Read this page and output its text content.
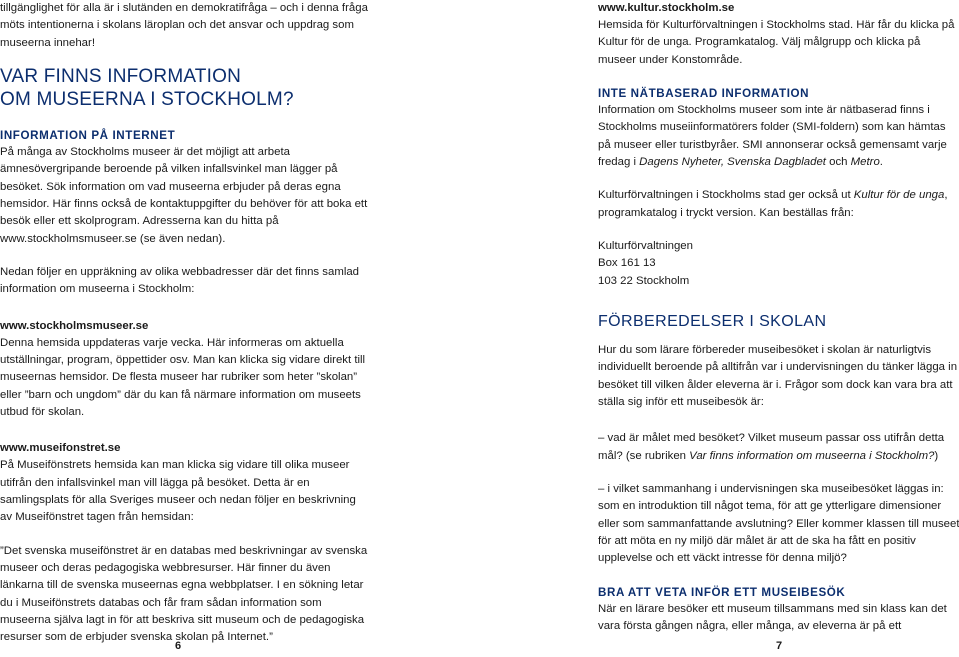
tillgänglighet för alla är i slutänden en demokratifråga – och i denna fråga möts intentionerna i skolans läroplan och det ansvar och uppdrag som museerna innehar!

VAR FINNS INFORMATION
OM MUSEERNA I STOCKHOLM?
INFORMATION PÅ INTERNET

På många av Stockholms museer är det möjligt att arbeta ämnesövergripande beroende på vilken infallsvinkel man lägger på besöket. Sök information om vad museerna erbjuder på deras egna hemsidor. Här finns också de kontaktuppgifter du behöver för att boka ett besök eller ett skolprogram. Adresserna kan du hitta på www.stockholmsmuseer.se (se även nedan).

Nedan följer en uppräkning av olika webbadresser där det finns samlad information om museerna i Stockholm:

www.stockholmsmuseer.se

Denna hemsida uppdateras varje vecka. Här informeras om aktuella utställningar, program, öppettider osv. Man kan klicka sig vidare direkt till museernas hemsidor. De flesta museer har rubriker som heter ”skolan” eller ”barn och ungdom” där du kan få närmare information om museets utbud för skolan.

www.museifonstret.se

På Museifönstrets hemsida kan man klicka sig vidare till olika museer utifrån den infallsvinkel man vill lägga på besöket. Detta är en samlingsplats för alla Sveriges museer och nedan följer en beskrivning av Museifönstret tagen från hemsidan:

”Det svenska museifönstret är en databas med beskrivningar av svenska museer och deras pedagogiska webbresurser. Här finner du även länkarna till de svenska museernas egna webbplatser. I en sökning letar du i Museifönstrets databas och får fram sådan information som museerna själva lagt in för att beskriva sitt museum och de pedagogiska resurser som de erbjuder svenska skolan på Internet.”

www.kultur.stockholm.se

Hemsida för Kulturförvaltningen i Stockholms stad. Här får du klicka på Kultur för de unga. Programkatalog. Välj målgrupp och klicka på museer under Konstområde.

INTE NÄTBASERAD INFORMATION

Information om Stockholms museer som inte är nätbaserad finns i Stockholms museiinformatörers folder (SMI-foldern) som kan hämtas på museer eller turistbyråer. SMI annonserar också gemensamt varje fredag i Dagens Nyheter, Svenska Dagbladet och Metro.

Kulturförvaltningen i Stockholms stad ger också ut Kultur för de unga, programkatalog i tryckt version. Kan beställas från:

Kulturförvaltningen
Box 161 13
103 22 Stockholm
FÖRBEREDELSER I SKOLAN

Hur du som lärare förbereder museibesöket i skolan är naturligtvis individuellt beroende på alltifrån var i undervisningen du tänker lägga in besöket till vilken ålder eleverna är i. Frågor som dock kan vara bra att ställa sig inför ett museibesök är:

– vad är målet med besöket? Vilket museum passar oss utifrån detta mål? (se rubriken Var finns information om museerna i Stockholm?)

– i vilket sammanhang i undervisningen ska museibesöket läggas in: som en introduktion till något tema, för att ge ytterligare dimensioner eller som sammanfattande avslutning? Eller kommer klassen till museet för att möta en ny miljö där målet är att de ska ha fått en positiv upplevelse och ett väckt intresse för denna miljö?

BRA ATT VETA INFÖR ETT MUSEIBESÖK

När en lärare besöker ett museum tillsammans med sin klass kan det vara första gången några, eller många, av eleverna är på ett

6	7
